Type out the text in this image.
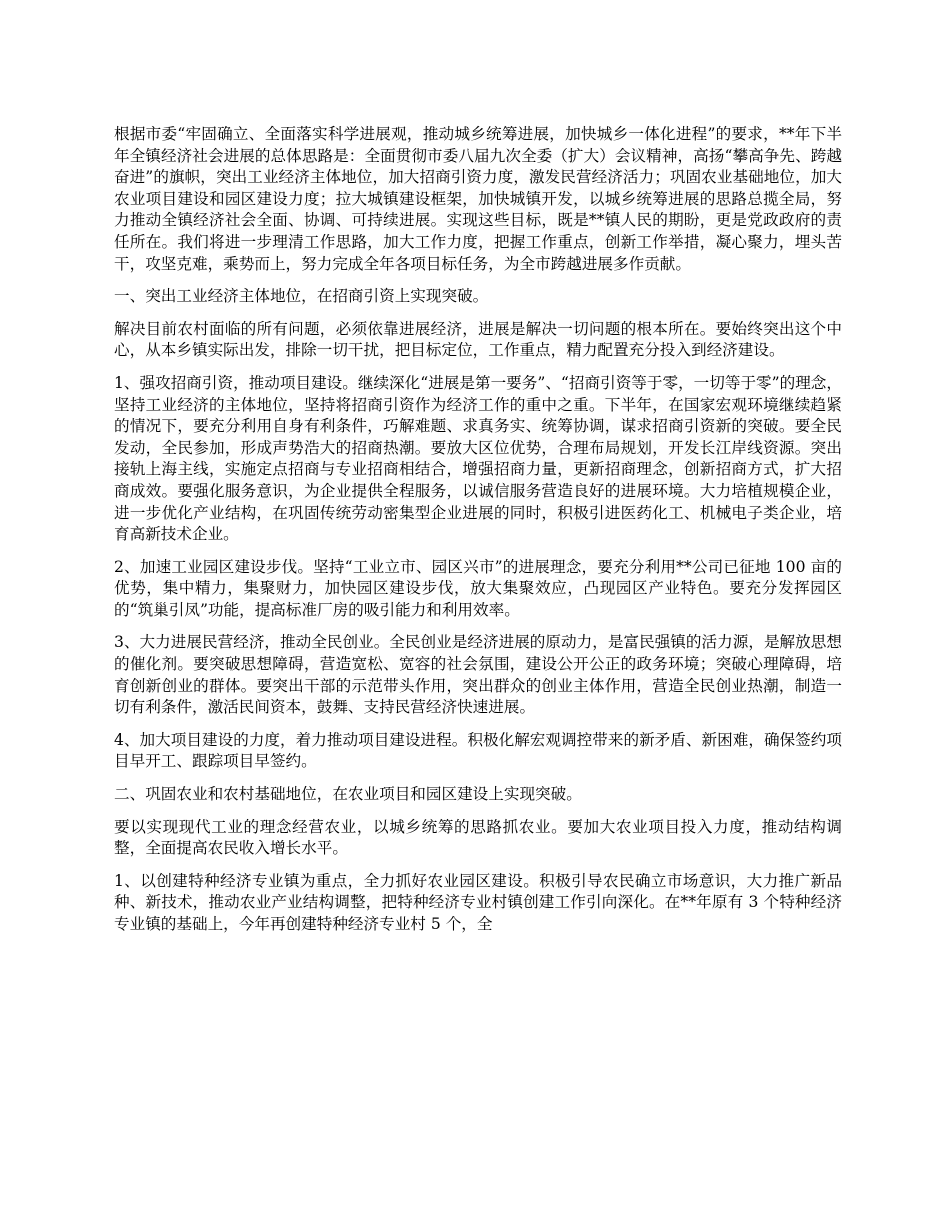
根据市委“牢固确立、全面落实科学进展观，推动城乡统筹进展，加快城乡一体化进程”的要求，**年下半年全镇经济社会进展的总体思路是：全面贯彻市委八届九次全委（扩大）会议精神，高扬“攀高争先、跨越奋进”的旗帜，突出工业经济主体地位，加大招商引资力度，激发民营经济活力；巩固农业基础地位，加大农业项目建设和园区建设力度；拉大城镇建设框架，加快城镇开发，以城乡统筹进展的思路总揽全局，努力推动全镇经济社会全面、协调、可持续进展。实现这些目标，既是**镇人民的期盼，更是党政政府的责任所在。我们将进一步理清工作思路，加大工作力度，把握工作重点，创新工作举措，凝心聚力，埋头苦干，攻坚克难，乘势而上，努力完成全年各项目标任务，为全市跨越进展多作贡献。

一、突出工业经济主体地位，在招商引资上实现突破。

解决目前农村面临的所有问题，必须依靠进展经济，进展是解决一切问题的根本所在。要始终突出这个中心，从本乡镇实际出发，排除一切干扰，把目标定位，工作重点，精力配置充分投入到经济建设。

1、强攻招商引资，推动项目建设。继续深化“进展是第一要务”、“招商引资等于零，一切等于零”的理念，坚持工业经济的主体地位，坚持将招商引资作为经济工作的重中之重。下半年，在国家宏观环境继续趋紧的情况下，要充分利用自身有利条件，巧解难题、求真务实、统筹协调，谋求招商引资新的突破。要全民发动，全民参加，形成声势浩大的招商热潮。要放大区位优势，合理布局规划，开发长江岸线资源。突出接轨上海主线，实施定点招商与专业招商相结合，增强招商力量，更新招商理念，创新招商方式，扩大招商成效。要强化服务意识，为企业提供全程服务，以诚信服务营造良好的进展环境。大力培植规模企业，进一步优化产业结构，在巩固传统劳动密集型企业进展的同时，积极引进医药化工、机械电子类企业，培育高新技术企业。

2、加速工业园区建设步伐。坚持“工业立市、园区兴市”的进展理念，要充分利用**公司已征地 100 亩的优势，集中精力，集聚财力，加快园区建设步伐，放大集聚效应，凸现园区产业特色。要充分发挥园区的“筑巢引凤”功能，提高标准厂房的吸引能力和利用效率。

3、大力进展民营经济，推动全民创业。全民创业是经济进展的原动力，是富民强镇的活力源，是解放思想的催化剂。要突破思想障碍，营造宽松、宽容的社会氛围，建设公开公正的政务环境；突破心理障碍，培育创新创业的群体。要突出干部的示范带头作用，突出群众的创业主体作用，营造全民创业热潮，制造一切有利条件，激活民间资本，鼓舞、支持民营经济快速进展。

4、加大项目建设的力度，着力推动项目建设进程。积极化解宏观调控带来的新矛盾、新困难，确保签约项目早开工、跟踪项目早签约。

二、巩固农业和农村基础地位，在农业项目和园区建设上实现突破。

要以实现现代工业的理念经营农业，以城乡统筹的思路抓农业。要加大农业项目投入力度，推动结构调整，全面提高农民收入增长水平。

1、以创建特种经济专业镇为重点，全力抓好农业园区建设。积极引导农民确立市场意识，大力推广新品种、新技术，推动农业产业结构调整，把特种经济专业村镇创建工作引向深化。在**年原有 3 个特种经济专业镇的基础上，今年再创建特种经济专业村 5 个，全
